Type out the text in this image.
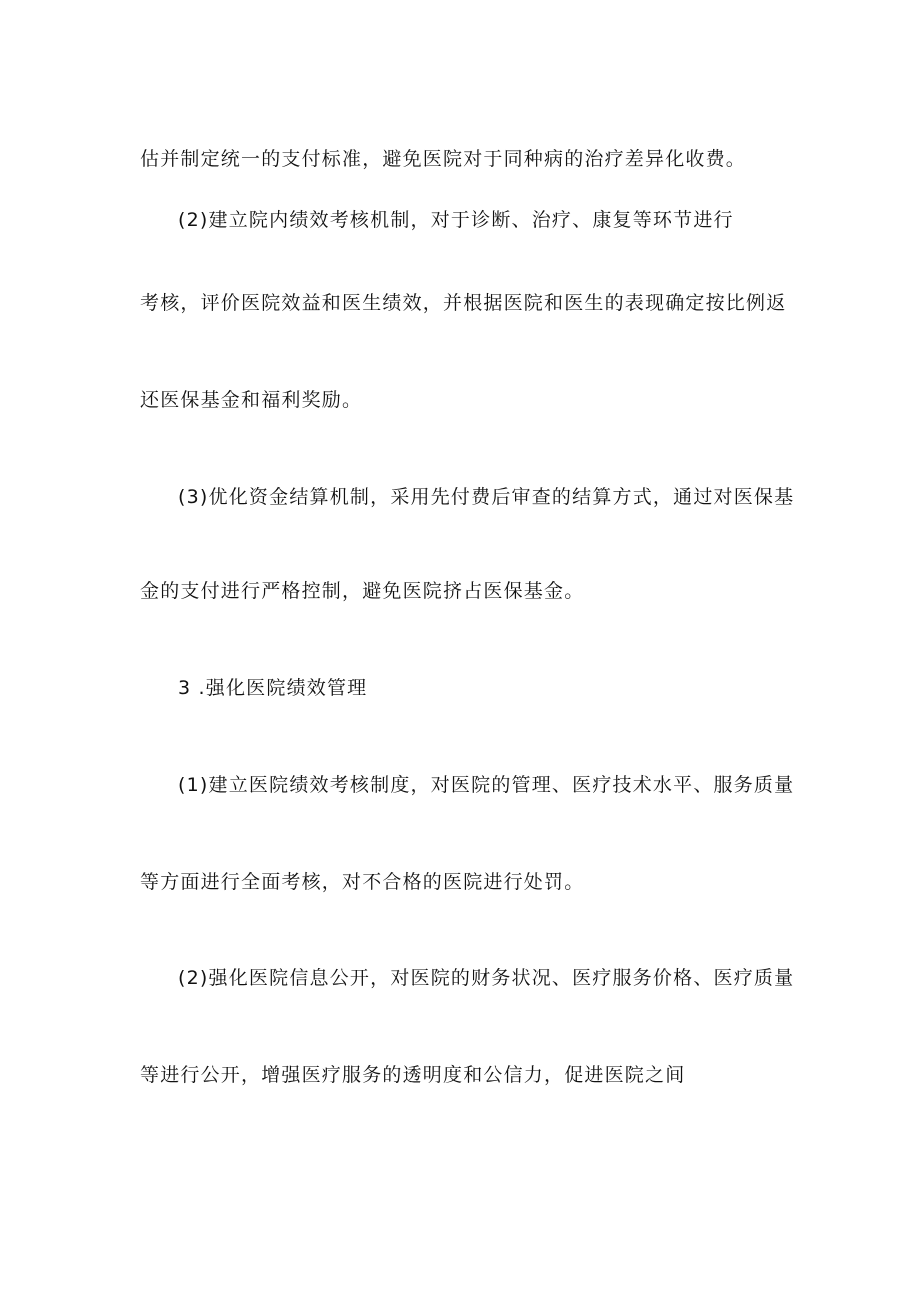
估并制定统一的支付标准，避免医院对于同种病的治疗差异化收费。
(2)建立院内绩效考核机制，对于诊断、治疗、康复等环节进行
考核，评价医院效益和医生绩效，并根据医院和医生的表现确定按比例返
还医保基金和福利奖励。
(3)优化资金结算机制，采用先付费后审查的结算方式，通过对医保基
金的支付进行严格控制，避免医院挤占医保基金。
3 .强化医院绩效管理
(1)建立医院绩效考核制度，对医院的管理、医疗技术水平、服务质量
等方面进行全面考核，对不合格的医院进行处罚。
(2)强化医院信息公开，对医院的财务状况、医疗服务价格、医疗质量
等进行公开，增强医疗服务的透明度和公信力，促进医院之间
